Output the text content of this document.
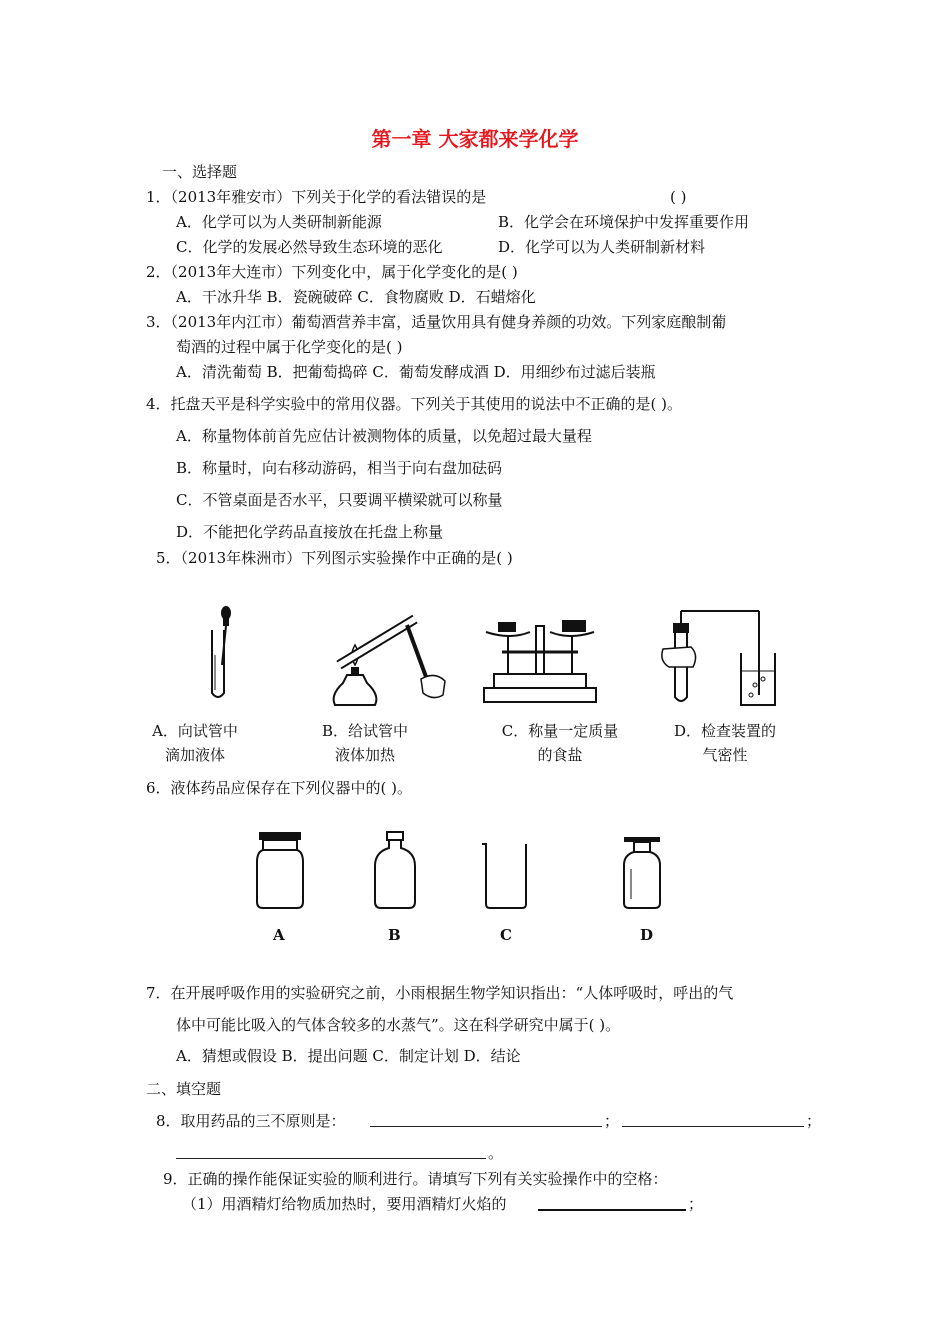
第一章 大家都来学化学
一、选择题
1．（2013年雅安市）下列关于化学的看法错误的是	( )
A．化学可以为人类研制新能源	B．化学会在环境保护中发挥重要作用
C．化学的发展必然导致生态环境的恶化	D．化学可以为人类研制新材料
2．（2013年大连市）下列变化中，属于化学变化的是( )
A．干冰升华 B．瓷碗破碎 C．食物腐败 D．石蜡熔化
3．（2013年内江市）葡萄酒营养丰富，适量饮用具有健身养颜的功效。下列家庭酿制葡
萄酒的过程中属于化学变化的是( )
A．清洗葡萄 B．把葡萄捣碎 C．葡萄发酵成酒 D．用细纱布过滤后装瓶
4．托盘天平是科学实验中的常用仪器。下列关于其使用的说法中不正确的是( )。
A．称量物体前首先应估计被测物体的质量，以免超过最大量程
B．称量时，向右移动游码，相当于向右盘加砝码
C．不管桌面是否水平，只要调平横梁就可以称量
D．不能把化学药品直接放在托盘上称量
5．（2013年株洲市）下列图示实验操作中正确的是( )
A．向试管中
滴加液体
B．给试管中
液体加热
C．称量一定质量
的食盐
D．检查装置的
气密性
6．液体药品应保存在下列仪器中的( )。
A	B	C	D
7．在开展呼吸作用的实验研究之前，小雨根据生物学知识指出：“人体呼吸时，呼出的气
体中可能比吸入的气体含较多的水蒸气”。这在科学研究中属于( )。
A．猜想或假设 B．提出问题 C．制定计划 D．结论
二、填空题
8．取用药品的三不原则是：	；	；
。
9．正确的操作能保证实验的顺利进行。请填写下列有关实验操作中的空格：
（1）用酒精灯给物质加热时，要用酒精灯火焰的	；
